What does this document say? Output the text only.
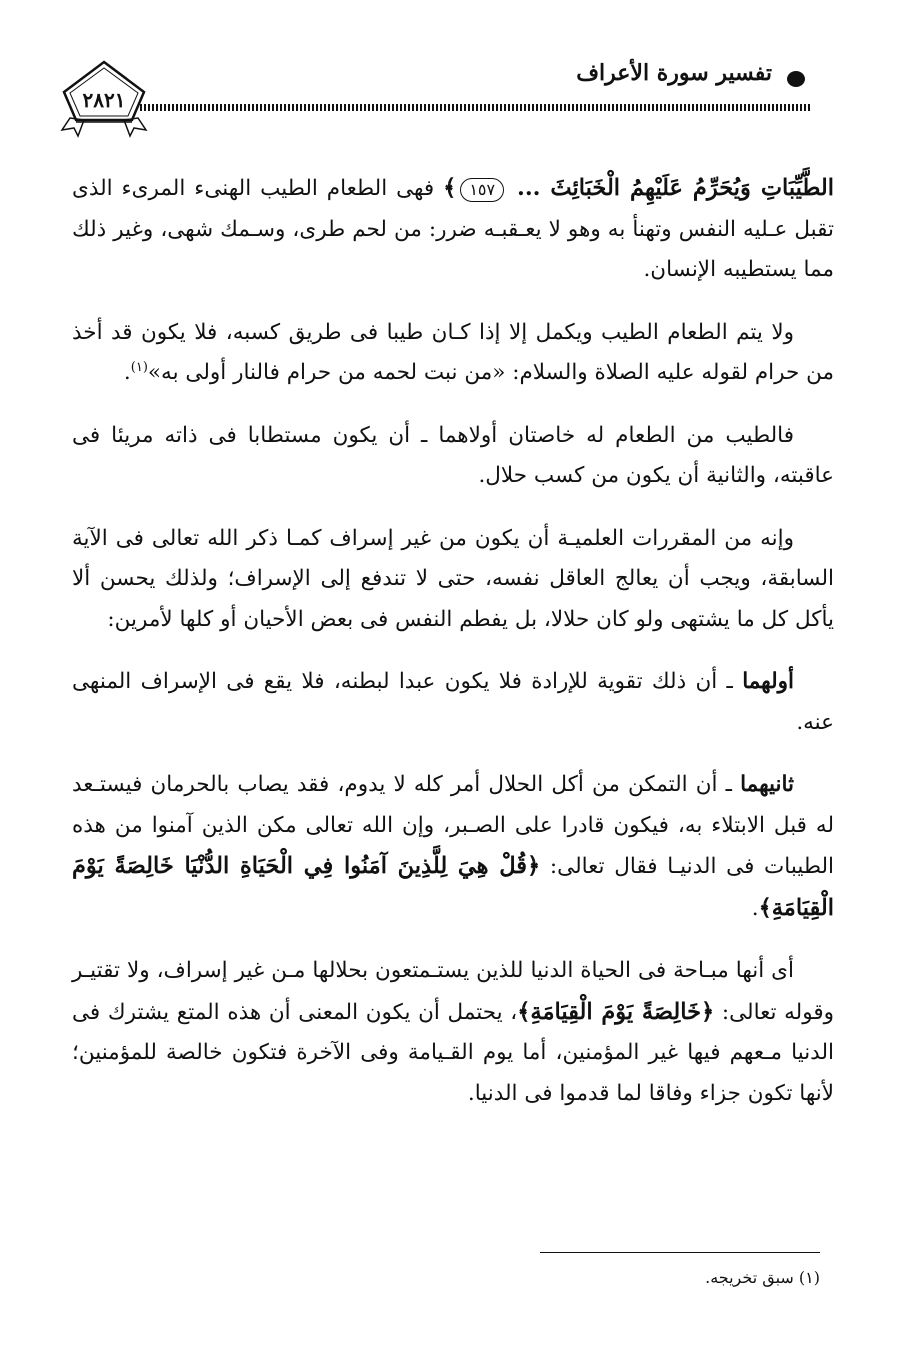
٢٨٢١
تفسير سورة الأعراف

الطَّيِّبَاتِ وَيُحَرِّمُ عَلَيْهِمُ الْخَبَائِثَ ... ١٥٧﴾ فهى الطعام الطيب الهنىء المرىء الذى تقبل عـليه النفس وتهنأ به وهو لا يعـقبـه ضرر: من لحم طرى، وسـمك شهى، وغير ذلك مما يستطيبه الإنسان.

ولا يتم الطعام الطيب ويكمل إلا إذا كـان طيبا فى طريق كسبه، فلا يكون قد أخذ من حرام لقوله عليه الصلاة والسلام: «من نبت لحمه من حرام فالنار أولى به»$^{(١)}$.

فالطيب من الطعام له خاصتان أولاهما ـ أن يكون مستطابا فى ذاته مريئا فى عاقبته، والثانية أن يكون من كسب حلال.

وإنه من المقررات العلميـة أن يكون من غير إسراف كمـا ذكر الله تعالى فى الآية السابقة، ويجب أن يعالج العاقل نفسه، حتى لا تندفع إلى الإسراف؛ ولذلك يحسن ألا يأكل كل ما يشتهى ولو كان حلالا، بل يفطم النفس فى بعض الأحيان أو كلها لأمرين:

أولهما ـ أن ذلك تقوية للإرادة فلا يكون عبدا لبطنه، فلا يقع فى الإسراف المنهى عنه.

ثانيهما ـ أن التمكن من أكل الحلال أمر كله لا يدوم، فقد يصاب بالحرمان فيستـعد له قبل الابتلاء به، فيكون قادرا على الصـبر، وإن الله تعالى مكن الذين آمنوا من هذه الطيبات فى الدنيـا فقال تعالى: ﴿قُلْ هِيَ لِلَّذِينَ آمَنُوا فِي الْحَيَاةِ الدُّنْيَا خَالِصَةً يَوْمَ الْقِيَامَةِ﴾.

أى أنها مبـاحة فى الحياة الدنيا للذين يستـمتعون بحلالها مـن غير إسراف، ولا تقتيـر وقوله تعالى: ﴿خَالِصَةً يَوْمَ الْقِيَامَةِ﴾، يحتمل أن يكون المعنى أن هذه المتع يشترك فى الدنيا مـعهم فيها غير المؤمنين، أما يوم القـيامة وفى الآخرة فتكون خالصة للمؤمنين؛ لأنها تكون جزاء وفاقا لما قدموا فى الدنيا.

(١) سبق تخريجه.
